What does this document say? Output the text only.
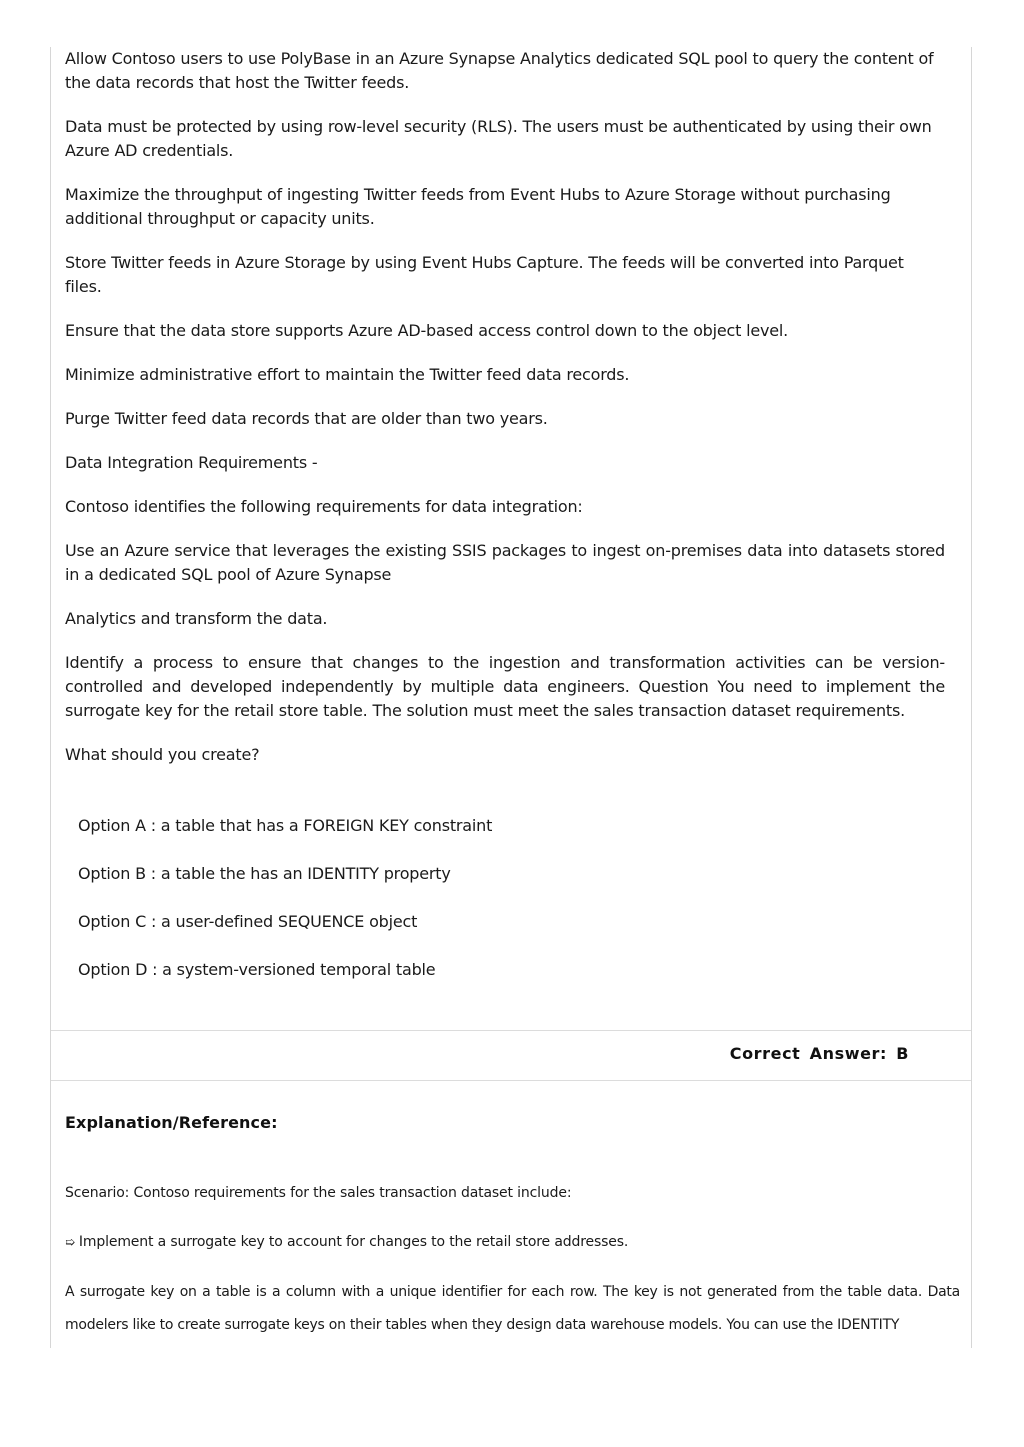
Allow Contoso users to use PolyBase in an Azure Synapse Analytics dedicated SQL pool to query the content of the data records that host the Twitter feeds.

Data must be protected by using row-level security (RLS). The users must be authenticated by using their own Azure AD credentials.

Maximize the throughput of ingesting Twitter feeds from Event Hubs to Azure Storage without purchasing additional throughput or capacity units.

Store Twitter feeds in Azure Storage by using Event Hubs Capture. The feeds will be converted into Parquet files.

Ensure that the data store supports Azure AD-based access control down to the object level.

Minimize administrative effort to maintain the Twitter feed data records.

Purge Twitter feed data records that are older than two years.

Data Integration Requirements -

Contoso identifies the following requirements for data integration:

Use an Azure service that leverages the existing SSIS packages to ingest on-premises data into datasets stored in a dedicated SQL pool of Azure Synapse

Analytics and transform the data.

Identify a process to ensure that changes to the ingestion and transformation activities can be version-controlled and developed independently by multiple data engineers. Question You need to implement the surrogate key for the retail store table. The solution must meet the sales transaction dataset requirements.

What should you create?

Option A : a table that has a FOREIGN KEY constraint
Option B : a table the has an IDENTITY property
Option C : a user-defined SEQUENCE object
Option D : a system-versioned temporal table
Correct Answer: B
Explanation/Reference:
Scenario: Contoso requirements for the sales transaction dataset include:
➯ Implement a surrogate key to account for changes to the retail store addresses.
A surrogate key on a table is a column with a unique identifier for each row. The key is not generated from the table data. Data modelers like to create surrogate keys on their tables when they design data warehouse models. You can use the IDENTITY
